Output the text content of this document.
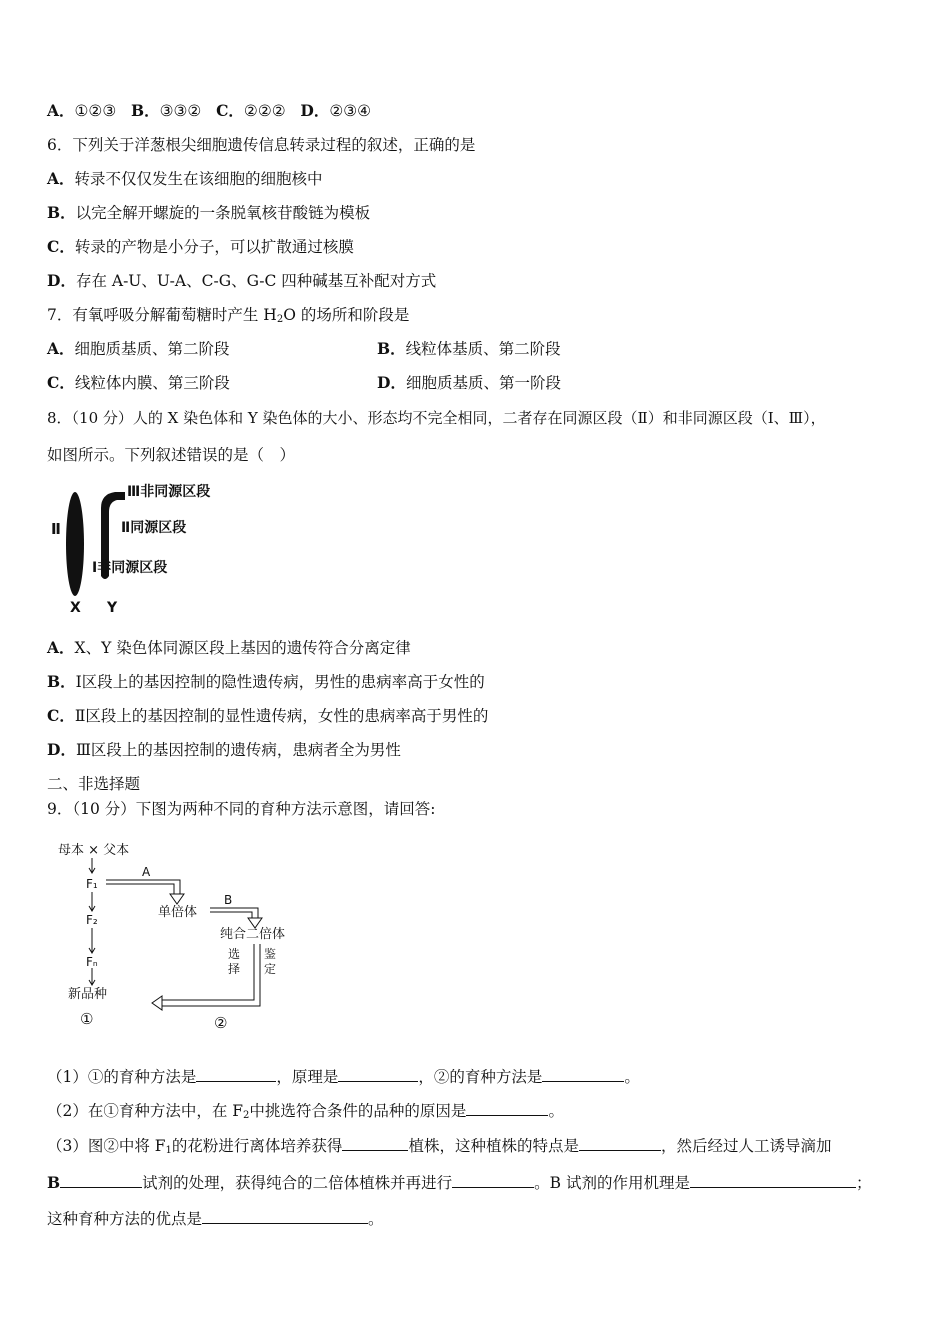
A．①②③ B．③③② C．②②② D．②③④
6．下列关于洋葱根尖细胞遗传信息转录过程的叙述，正确的是
A．转录不仅仅发生在该细胞的细胞核中
B．以完全解开螺旋的一条脱氧核苷酸链为模板
C．转录的产物是小分子，可以扩散通过核膜
D．存在 A-U、U-A、C-G、G-C 四种碱基互补配对方式
7．有氧呼吸分解葡萄糖时产生 $H_2O$ 的场所和阶段是
A．细胞质基质、第二阶段	B．线粒体基质、第二阶段
C．线粒体内膜、第三阶段	D．细胞质基质、第一阶段
8．（10 分）人的 X 染色体和 Y 染色体的大小、形态均不完全相同，二者存在同源区段（Ⅱ）和非同源区段（Ⅰ、Ⅲ），
如图所示。下列叙述错误的是（　）
Ⅱ
Ⅲ非同源区段
Ⅱ同源区段
Ⅰ非同源区段
X Y
A．X、Y 染色体同源区段上基因的遗传符合分离定律
B．Ⅰ区段上的基因控制的隐性遗传病，男性的患病率高于女性的
C．Ⅱ区段上的基因控制的显性遗传病，女性的患病率高于男性的
D．Ⅲ区段上的基因控制的遗传病，患病者全为男性
二、非选择题
9．（10 分）下图为两种不同的育种方法示意图，请回答:
母本 × 父本
F₁
F₂
Fₙ
新品种
①
A
单倍体
B
纯合二倍体
选择
鉴定
②
（1）①的育种方法是	，原理是	，②的育种方法是	。
（2）在①育种方法中，在 $F_2$中挑选符合条件的品种的原因是	。
（3）图②中将 $F_1$的花粉进行离体培养获得	植株，这种植株的特点是	，然后经过人工诱导滴加
B	试剂的处理，获得纯合的二倍体植株并再进行	。B 试剂的作用机理是	；
这种育种方法的优点是	。
